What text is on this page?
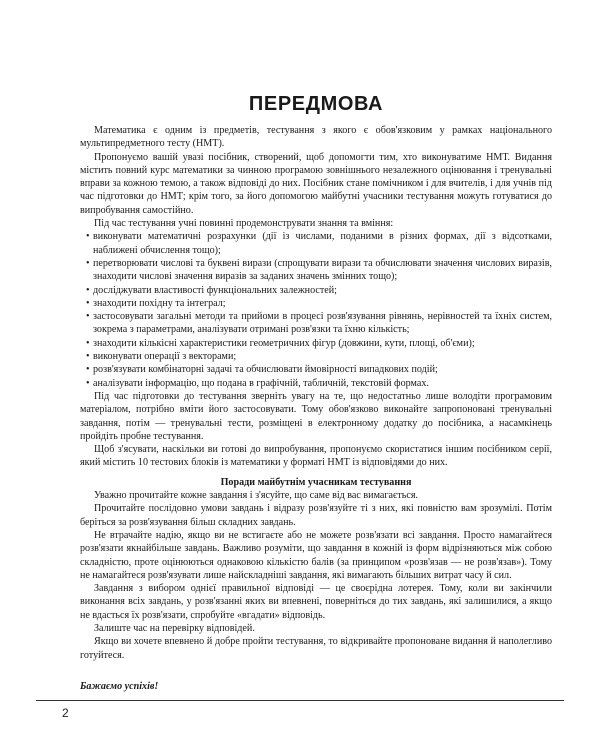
ПЕРЕДМОВА

Математика є одним із предметів, тестування з якого є обов'язковим у рамках національного мультипредметного тесту (НМТ).

Пропонуємо вашій увазі посібник, створений, щоб допомогти тим, хто виконуватиме НМТ. Видання містить повний курс математики за чинною програмою зовнішнього незалежного оцінювання і тренувальні вправи за кожною темою, а також відповіді до них. Посібник стане помічником і для вчителів, і для учнів під час підготовки до НМТ; крім того, за його допомогою майбутні учасники тестування можуть готуватися до випробування самостійно.

Під час тестування учні повинні продемонструвати знання та вміння:

• виконувати математичні розрахунки (дії із числами, поданими в різних формах, дії з відсотками, наближені обчислення тощо);
• перетворювати числові та буквені вирази (спрощувати вирази та обчислювати значення числових виразів, знаходити числові значення виразів за заданих значень змінних тощо);
• досліджувати властивості функціональних залежностей;
• знаходити похідну та інтеграл;
• застосовувати загальні методи та прийоми в процесі розв'язування рівнянь, нерівностей та їхніх систем, зокрема з параметрами, аналізувати отримані розв'язки та їхню кількість;
• знаходити кількісні характеристики геометричних фігур (довжини, кути, площі, об'єми);
• виконувати операції з векторами;
• розв'язувати комбінаторні задачі та обчислювати ймовірності випадкових подій;
• аналізувати інформацію, що подана в графічній, табличній, текстовій формах.

Під час підготовки до тестування зверніть увагу на те, що недостатньо лише володіти програмовим матеріалом, потрібно вміти його застосовувати. Тому обов'язково виконайте запропоновані тренувальні завдання, потім — тренувальні тести, розміщені в електронному додатку до посібника, а насамкінець пройдіть пробне тестування.

Щоб з'ясувати, наскільки ви готові до випробування, пропонуємо скористатися іншим посібником серії, який містить 10 тестових блоків із математики у форматі НМТ із відповідями до них.

Поради майбутнім учасникам тестування

Уважно прочитайте кожне завдання і з'ясуйте, що саме від вас вимагається.

Прочитайте послідовно умови завдань і відразу розв'язуйте ті з них, які повністю вам зрозумілі. Потім беріться за розв'язування більш складних завдань.

Не втрачайте надію, якщо ви не встигаєте або не можете розв'язати всі завдання. Просто намагайтеся розв'язати якнайбільше завдань. Важливо розуміти, що завдання в кожній із форм відрізняються між собою складністю, проте оцінюються однаковою кількістю балів (за принципом «розв'язав — не розв'язав»). Тому не намагайтеся розв'язувати лише найскладніші завдання, які вимагають більших витрат часу й сил.

Завдання з вибором однієї правильної відповіді — це своєрідна лотерея. Тому, коли ви закінчили виконання всіх завдань, у розв'язанні яких ви впевнені, поверніться до тих завдань, які залишилися, а якщо не вдасться їх розв'язати, спробуйте «вгадати» відповідь.

Залиште час на перевірку відповідей.

Якщо ви хочете впевнено й добре пройти тестування, то відкривайте пропоноване видання й наполегливо готуйтеся.

Бажаємо успіхів!

2
